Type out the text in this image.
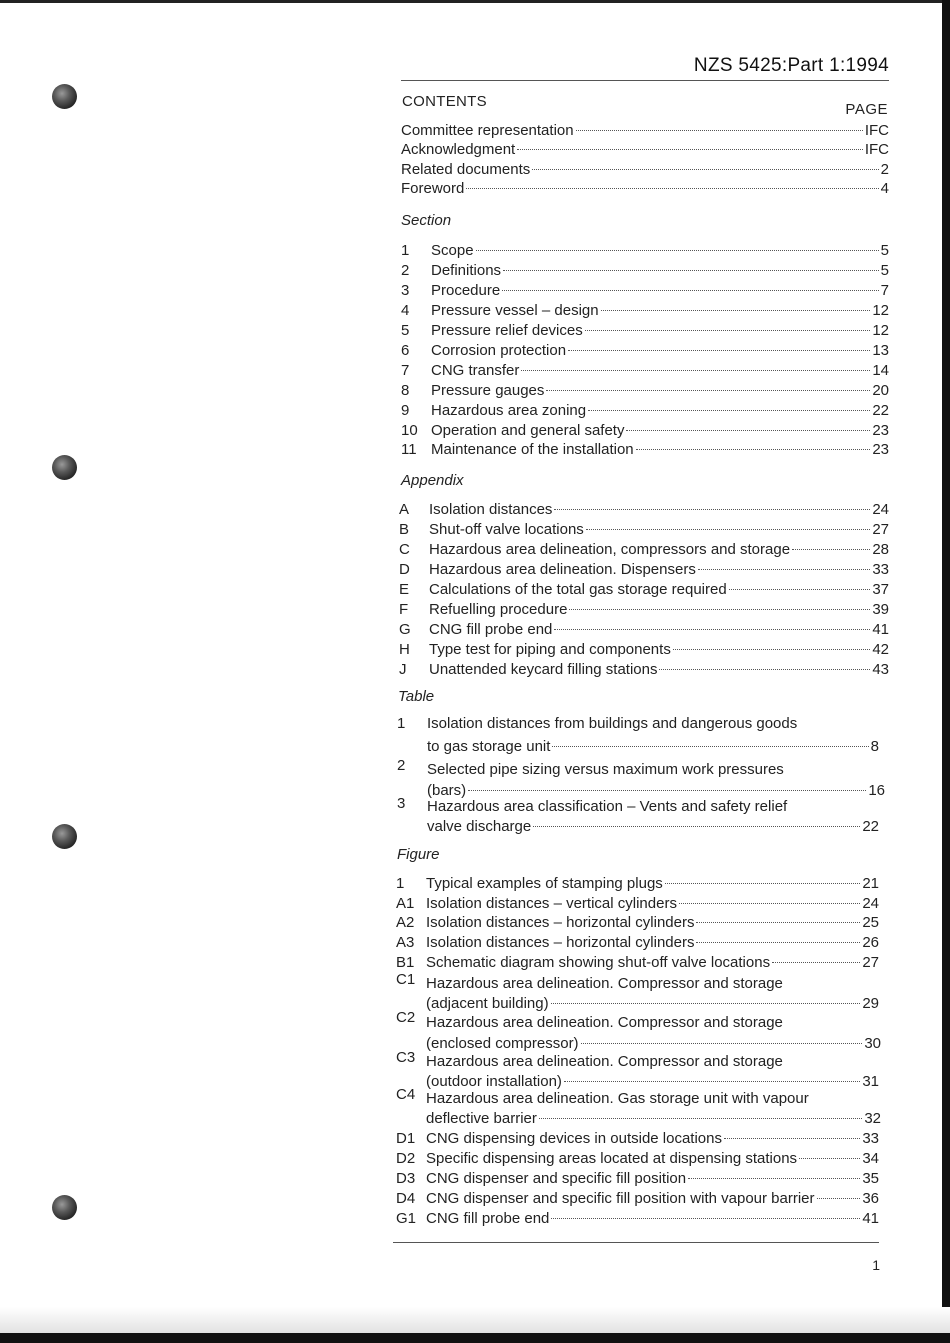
NZS 5425:Part 1:1994
CONTENTS	PAGE
Committee representation	IFC
Acknowledgment	IFC
Related documents	2
Foreword	4
Section
1	Scope	5
2	Definitions	5
3	Procedure	7
4	Pressure vessel – design	12
5	Pressure relief devices	12
6	Corrosion protection	13
7	CNG transfer	14
8	Pressure gauges	20
9	Hazardous area zoning	22
10 Operation and general safety	23
11 Maintenance of the installation	23
Appendix
A	Isolation distances	24
B	Shut-off valve locations	27
C	Hazardous area delineation, compressors and storage	28
D	Hazardous area delineation. Dispensers	33
E	Calculations of the total gas storage required	37
F	Refuelling procedure	39
G	CNG fill probe end	41
H	Type test for piping and components	42
J	Unattended keycard filling stations	43
Table
1 Isolation distances from buildings and dangerous goods
to gas storage unit	8
2 Selected pipe sizing versus maximum work pressures
(bars)	16
3 Hazardous area classification – Vents and safety relief
valve discharge	22
Figure
1	Typical examples of stamping plugs	21
A1 Isolation distances – vertical cylinders	24
A2 Isolation distances – horizontal cylinders	25
A3 Isolation distances – horizontal cylinders	26
B1 Schematic diagram showing shut-off valve locations	27
C1 Hazardous area delineation. Compressor and storage
(adjacent building)	29
C2 Hazardous area delineation. Compressor and storage
(enclosed compressor)	30
C3 Hazardous area delineation. Compressor and storage
(outdoor installation)	31
C4 Hazardous area delineation. Gas storage unit with vapour
deflective barrier	32
D1 CNG dispensing devices in outside locations	33
D2 Specific dispensing areas located at dispensing stations	34
D3 CNG dispenser and specific fill position	35
D4 CNG dispenser and specific fill position with vapour barrier	36
G1 CNG fill probe end	41
1
